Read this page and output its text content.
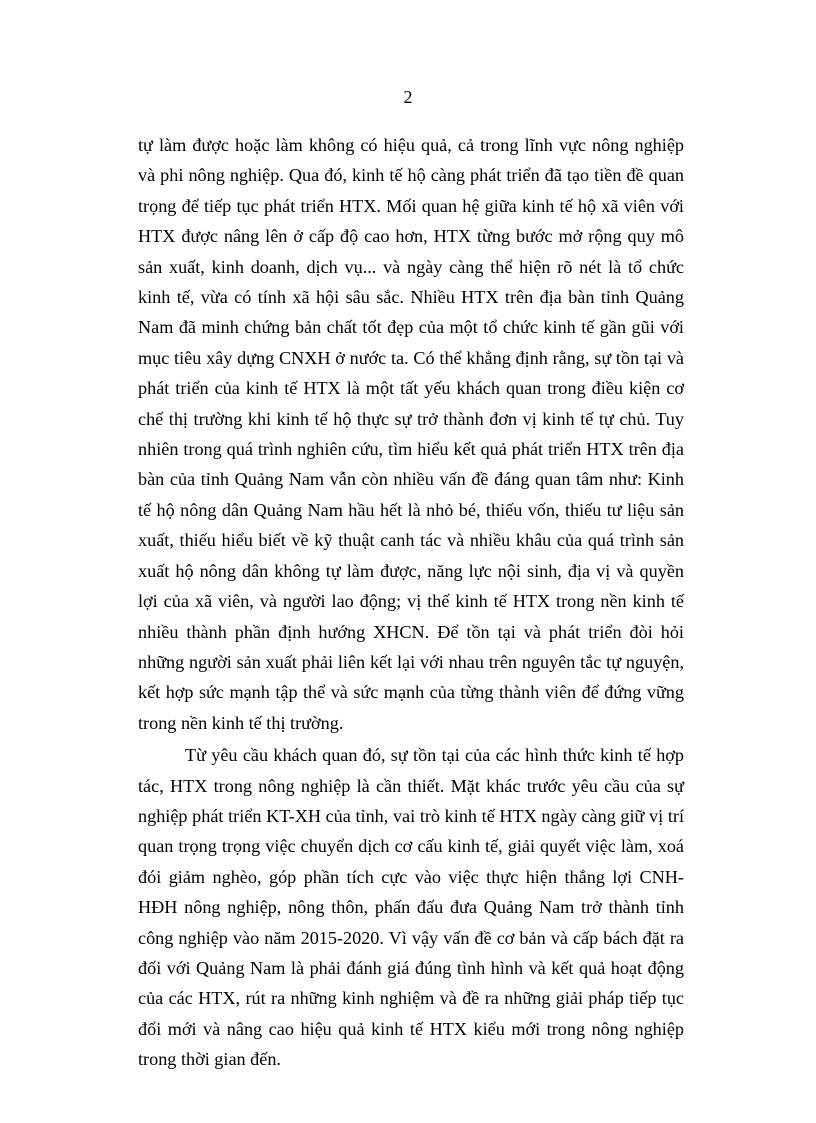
2

tự làm được hoặc làm không có hiệu quả, cả trong lĩnh vực nông nghiệp và phi nông nghiệp. Qua đó, kinh tế hộ càng phát triển đã tạo tiền đề quan trọng để tiếp tục phát triển HTX. Mối quan hệ giữa kinh tế hộ xã viên với HTX được nâng lên ở cấp độ cao hơn, HTX từng bước mở rộng quy mô sản xuất, kinh doanh, dịch vụ... và ngày càng thể hiện rõ nét là tổ chức kinh tế, vừa có tính xã hội sâu sắc. Nhiều HTX trên địa bàn tỉnh Quảng Nam đã minh chứng bản chất tốt đẹp của một tổ chức kinh tế gần gũi với mục tiêu xây dựng CNXH ở nước ta. Có thể khẳng định rằng, sự tồn tại và phát triển của kinh tế HTX là một tất yếu khách quan trong điều kiện cơ chế thị trường khi kinh tế hộ thực sự trở thành đơn vị kinh tế tự chủ. Tuy nhiên trong quá trình nghiên cứu, tìm hiểu kết quả phát triển HTX trên địa bàn của tỉnh Quảng Nam vẫn còn nhiều vấn đề đáng quan tâm như: Kinh tế hộ nông dân Quảng Nam hầu hết là nhỏ bé, thiếu vốn, thiếu tư liệu sản xuất, thiếu hiểu biết về kỹ thuật canh tác và nhiều khâu của quá trình sản xuất hộ nông dân không tự làm được, năng lực nội sinh, địa vị và quyền lợi của xã viên, và người lao động; vị thế kinh tế HTX trong nền kinh tế nhiều thành phần định hướng XHCN. Để tồn tại và phát triển đòi hỏi những người sản xuất phải liên kết lại với nhau trên nguyên tắc tự nguyện, kết hợp sức mạnh tập thể và sức mạnh của từng thành viên để đứng vững trong nền kinh tế thị trường.

Từ yêu cầu khách quan đó, sự tồn tại của các hình thức kinh tế hợp tác, HTX trong nông nghiệp là cần thiết. Mặt khác trước yêu cầu của sự nghiệp phát triển KT-XH của tỉnh, vai trò kinh tế HTX ngày càng giữ vị trí quan trọng trọng việc chuyển dịch cơ cấu kinh tế, giải quyết việc làm, xoá đói giảm nghèo, góp phần tích cực vào việc thực hiện thắng lợi CNH-HĐH nông nghiệp, nông thôn, phấn đấu đưa Quảng Nam trở thành tỉnh công nghiệp vào năm 2015-2020. Vì vậy vấn đề cơ bản và cấp bách đặt ra đối với Quảng Nam là phải đánh giá đúng tình hình và kết quả hoạt động của các HTX, rút ra những kinh nghiệm và đề ra những giải pháp tiếp tục đổi mới và nâng cao hiệu quả kinh tế HTX kiểu mới trong nông nghiệp trong thời gian đến.
